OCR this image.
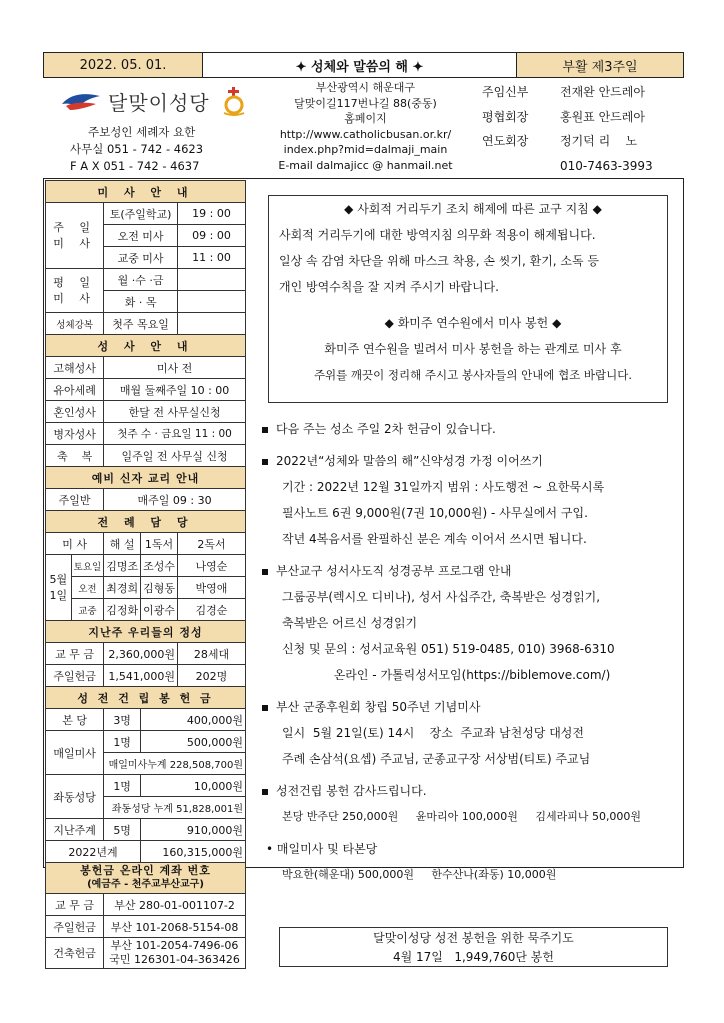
2022. 05. 01.	✦ 성체와 말씀의 해 ✦	부활 제3주일
달맞이성당
주보성인 세례자 요한
사무실 051 - 742 - 4623
F A X 051 - 742 - 4637
부산광역시 해운대구
달맞이길117번나길 88(중동)
홈페이지
http://www.catholicbusan.or.kr/
index.php?mid=dalmaji_main
E-mail dalmajicc @ hanmail.net
주임신부	전재완 안드레아
평협회장	홍원표 안드레아
연도회장	정기덕 리    노
010-7463-3993
미 사 안 내				
주 일 미 사		토(주일학교)		19 : 00
		오전 미사		09 : 00
		교중 미사		11 : 00
평 일 미 사		월 ·수 ·금		
		화 · 목		
성체강복		첫주 목요일		
성 사 안 내				
고해성사		미사 전		
유아세례		매월 둘째주일 10 : 00		
혼인성사		한달 전 사무실신청		
병자성사		첫주 수 · 금요일 11 : 00		
축    복		일주일 전 사무실 신청		
예비 신자 교리 안내				
주일반		매주일 09 : 30		
전 례 담 당				
미 사		해 설	1독서	2독서
5월 1일	토요일	김명조	조성수	나영순
	오전	최경희	김형동	박영애
	교중	김정화	이광수	김경순
지난주 우리들의 정성				
교 무 금		2,360,000원		28세대
주일헌금		1,541,000원		202명
성 전 건 립 봉 헌 금				
본 당		3명	400,000원	
매일미사		1명	500,000원	
		매일미사누계 228,508,700원		
좌동성당		1명	10,000원	
		좌동성당 누계 51,828,001원		
지난주계		5명	910,000원	
2022년계			160,315,000원	

봉헌금 온라인 계좌 번호
(예금주 - 천주교부산교구)				

교 무 금		부산 280-01-001107-2		
주일헌금		부산 101-2068-5154-08		
건축헌금		부산 101-2054-7496-06
국민 126301-04-363426		
◆ 사회적 거리두기 조치 해제에 따른 교구 지침 ◆
사회적 거리두기에 대한 방역지침 의무화 적용이 해제됩니다.
일상 속 감염 차단을 위해 마스크 착용, 손 씻기, 환기, 소독 등
개인 방역수칙을 잘 지켜 주시기 바랍니다.
◆ 화미주 연수원에서 미사 봉헌 ◆
화미주 연수원을 빌려서 미사 봉헌을 하는 관계로 미사 후
주위를 깨끗이 정리해 주시고 봉사자들의 안내에 협조 바랍니다.
다음 주는 성소 주일 2차 헌금이 있습니다.
2022년“성체와 말씀의 해”신약성경 가정 이어쓰기
기간 : 2022년 12월 31일까지 범위 : 사도행전 ~ 요한묵시록
필사노트 6권 9,000원(7권 10,000원) - 사무실에서 구입.
작년 4복음서를 완필하신 분은 계속 이어서 쓰시면 됩니다.
부산교구 성서사도직 성경공부 프로그램 안내
그룹공부(렉시오 디비나), 성서 사십주간, 축복받은 성경읽기,
축복받은 어르신 성경읽기
신청 및 문의 : 성서교육원 051) 519-0485, 010) 3968-6310
온라인 - 가톨릭성서모임(https://biblemove.com/)
부산 군종후원회 창립 50주년 기념미사
일시  5월 21일(토) 14시    장소  주교좌 남천성당 대성전
주례 손삼석(요셉) 주교님, 군종교구장 서상범(티토) 주교님
성전건립 봉헌 감사드립니다.
본당 반주단 250,000원     윤마리아 100,000원     김세라피나 50,000원
• 매일미사 및 타본당
박요한(해운대) 500,000원     한수산나(좌동) 10,000원
달맞이성당 성전 봉헌을 위한 묵주기도
4월 17일   1,949,760단 봉헌
